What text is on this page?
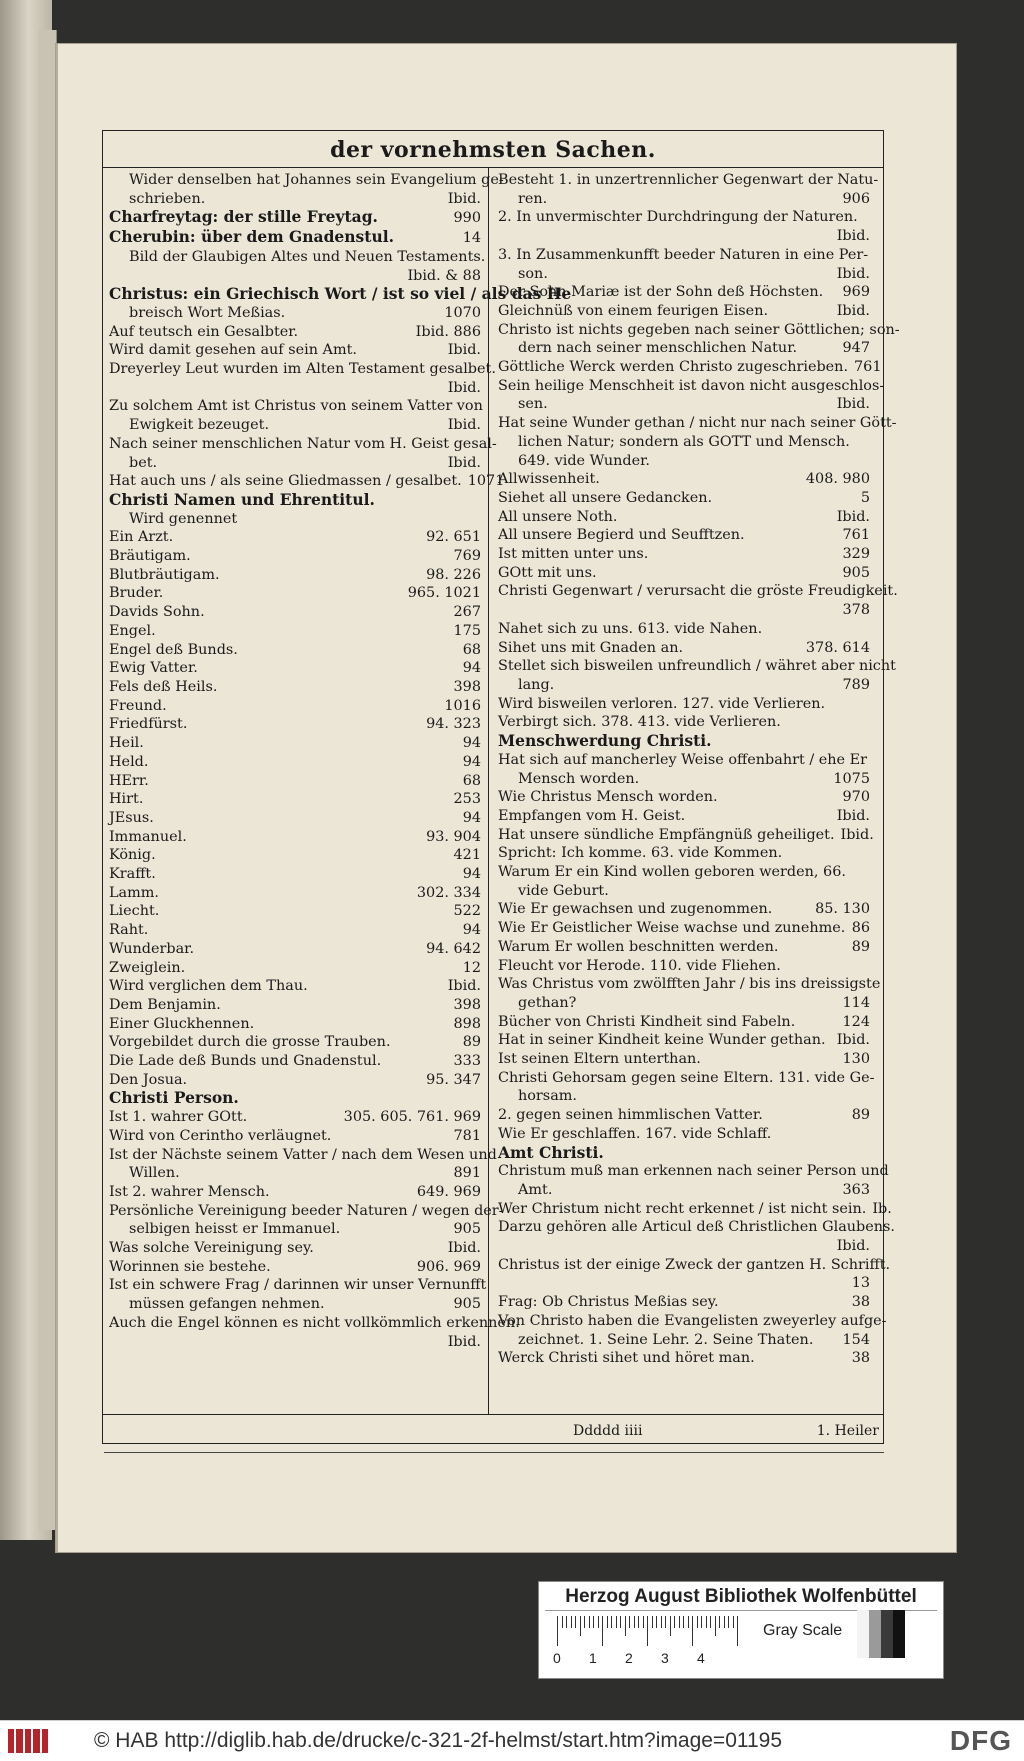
der vornehmsten Sachen.
Wider denselben hat Johannes sein Evangelium ge-
schrieben.	Ibid.
Charfreytag: der stille Freytag.	990
Cherubin: über dem Gnadenstul.	14
Bild der Glaubigen Altes und Neuen Testaments.
Ibid. & 88
Christus: ein Griechisch Wort / ist so viel / als das He
breisch Wort Meßias.	1070
Auf teutsch ein Gesalbter.	Ibid. 886
Wird damit gesehen auf sein Amt.	Ibid.
Dreyerley Leut wurden im Alten Testament gesalbet.
Ibid.
Zu solchem Amt ist Christus von seinem Vatter von
Ewigkeit bezeuget.	Ibid.
Nach seiner menschlichen Natur vom H. Geist gesal-
bet.	Ibid.
Hat auch uns / als seine Gliedmassen / gesalbet. 1071
Christi Namen und Ehrentitul.
Wird genennet
Ein Arzt.	92. 651
Bräutigam.	769
Blutbräutigam.	98. 226
Bruder.	965. 1021
Davids Sohn.	267
Engel.	175
Engel deß Bunds.	68
Ewig Vatter.	94
Fels deß Heils.	398
Freund.	1016
Friedfürst.	94. 323
Heil.	94
Held.	94
HErr.	68
Hirt.	253
JEsus.	94
Immanuel.	93. 904
König.	421
Krafft.	94
Lamm.	302. 334
Liecht.	522
Raht.	94
Wunderbar.	94. 642
Zweiglein.	12
Wird verglichen dem Thau.	Ibid.
Dem Benjamin.	398
Einer Gluckhennen.	898
Vorgebildet durch die grosse Trauben.	89
Die Lade deß Bunds und Gnadenstul.	333
Den Josua.	95. 347
Christi Person.
Ist 1. wahrer GOtt.	305. 605. 761. 969
Wird von Cerintho verläugnet.	781
Ist der Nächste seinem Vatter / nach dem Wesen und
Willen.	891
Ist 2. wahrer Mensch.	649. 969
Persönliche Vereinigung beeder Naturen / wegen der-
selbigen heisst er Immanuel.	905
Was solche Vereinigung sey.	Ibid.
Worinnen sie bestehe.	906. 969
Ist ein schwere Frag / darinnen wir unser Vernunfft
müssen gefangen nehmen.	905
Auch die Engel können es nicht vollkömmlich erkennen.
Ibid.
Besteht 1. in unzertrennlicher Gegenwart der Natu-
ren.	906
2. In unvermischter Durchdringung der Naturen.
Ibid.
3. In Zusammenkunfft beeder Naturen in eine Per-
son.	Ibid.
Der Sohn Mariæ ist der Sohn deß Höchsten.	969
Gleichnüß von einem feurigen Eisen.	Ibid.
Christo ist nichts gegeben nach seiner Göttlichen; son-
dern nach seiner menschlichen Natur.	947
Göttliche Werck werden Christo zugeschrieben. 761
Sein heilige Menschheit ist davon nicht ausgeschlos-
sen.	Ibid.
Hat seine Wunder gethan / nicht nur nach seiner Gött-
lichen Natur; sondern als GOTT und Mensch.
649. vide Wunder.
Allwissenheit.	408. 980
Siehet all unsere Gedancken.	5
All unsere Noth.	Ibid.
All unsere Begierd und Seufftzen.	761
Ist mitten unter uns.	329
GOtt mit uns.	905
Christi Gegenwart / verursacht die gröste Freudigkeit.
378
Nahet sich zu uns. 613. vide Nahen.
Sihet uns mit Gnaden an.	378. 614
Stellet sich bisweilen unfreundlich / währet aber nicht
lang.	789
Wird bisweilen verloren. 127. vide Verlieren.
Verbirgt sich. 378. 413. vide Verlieren.
Menschwerdung Christi.
Hat sich auf mancherley Weise offenbahrt / ehe Er
Mensch worden.	1075
Wie Christus Mensch worden.	970
Empfangen vom H. Geist.	Ibid.
Hat unsere sündliche Empfängnüß geheiliget. Ibid.
Spricht: Ich komme. 63. vide Kommen.
Warum Er ein Kind wollen geboren werden, 66.
vide Geburt.
Wie Er gewachsen und zugenommen.	85. 130
Wie Er Geistlicher Weise wachse und zunehme. 86
Warum Er wollen beschnitten werden.	89
Fleucht vor Herode. 110. vide Fliehen.
Was Christus vom zwölfften Jahr / bis ins dreissigste
gethan?	114
Bücher von Christi Kindheit sind Fabeln.	124
Hat in seiner Kindheit keine Wunder gethan. Ibid.
Ist seinen Eltern unterthan.	130
Christi Gehorsam gegen seine Eltern. 131. vide Ge-
horsam.
2. gegen seinen himmlischen Vatter.	89
Wie Er geschlaffen. 167. vide Schlaff.
Amt Christi.
Christum muß man erkennen nach seiner Person und
Amt.	363
Wer Christum nicht recht erkennet / ist nicht sein. Ib.
Darzu gehören alle Articul deß Christlichen Glaubens.
Ibid.
Christus ist der einige Zweck der gantzen H. Schrifft.
13
Frag: Ob Christus Meßias sey.	38
Von Christo haben die Evangelisten zweyerley aufge-
zeichnet. 1. Seine Lehr. 2. Seine Thaten.	154
Werck Christi sihet und höret man.	38
Ddddd iiii	1. Heiler
Herzog August Bibliothek Wolfenbüttel
0 1 2 3 4
Gray Scale
© HAB http://diglib.hab.de/drucke/c-321-2f-helmst/start.htm?image=01195	DFG
